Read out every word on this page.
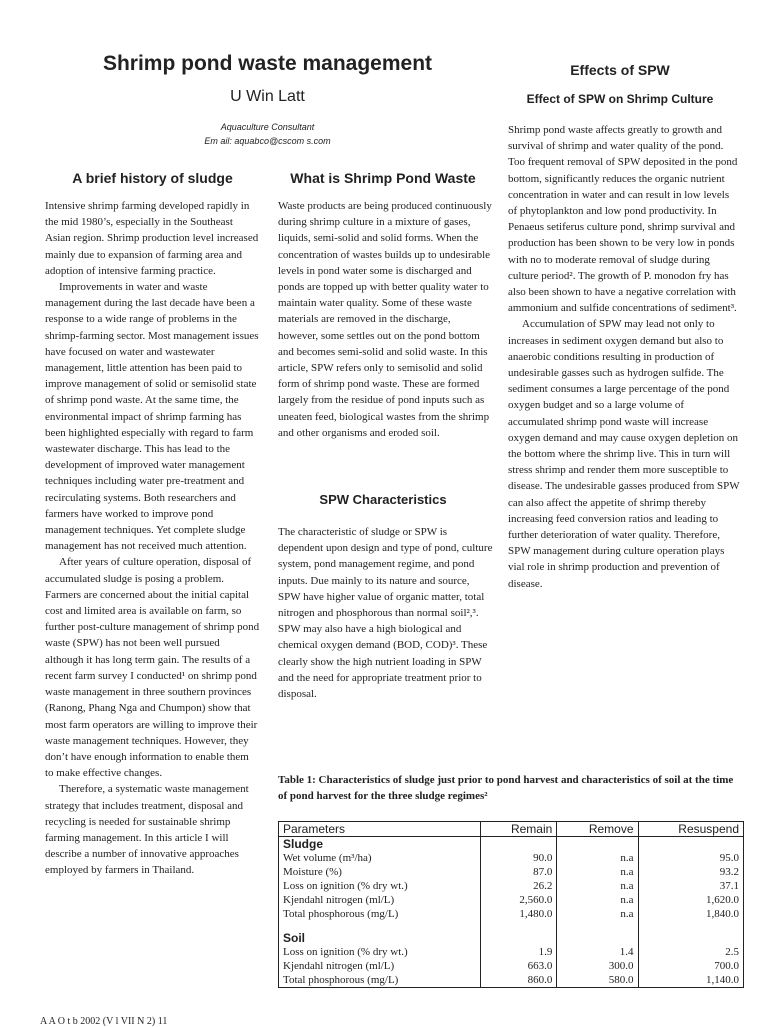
Shrimp pond waste management
U Win Latt
Aquaculture Consultant
Em ail: aquabco@cscom s.com
A brief history of sludge

Intensive shrimp farming developed rapidly in the mid 1980’s, especially in the Southeast Asian region. Shrimp production level increased mainly due to expansion of farming area and adoption of intensive farming practice.

Improvements in water and waste management during the last decade have been a response to a wide range of problems in the shrimp-farming sector. Most management issues have focused on water and wastewater management, little attention has been paid to improve management of solid or semisolid state of shrimp pond waste. At the same time, the environmental impact of shrimp farming has been highlighted especially with regard to farm wastewater discharge. This has lead to the development of improved water management techniques including water pre-treatment and recirculating systems. Both researchers and farmers have worked to improve pond management techniques. Yet complete sludge management has not received much attention.

After years of culture operation, disposal of accumulated sludge is posing a problem. Farmers are concerned about the initial capital cost and limited area is available on farm, so further post-culture management of shrimp pond waste (SPW) has not been well pursued although it has long term gain. The results of a recent farm survey I conducted¹ on shrimp pond waste management in three southern provinces (Ranong, Phang Nga and Chumpon) show that most farm operators are willing to improve their waste management techniques. However, they don’t have enough information to enable them to make effective changes.

Therefore, a systematic waste management strategy that includes treatment, disposal and recycling is needed for sustainable shrimp farming management. In this article I will describe a number of innovative approaches employed by farmers in Thailand.

What is Shrimp Pond Waste

Waste products are being produced continuously during shrimp culture in a mixture of gases, liquids, semi-solid and solid forms. When the concentration of wastes builds up to undesirable levels in pond water some is discharged and ponds are topped up with better quality water to maintain water quality. Some of these waste materials are removed in the discharge, however, some settles out on the pond bottom and becomes semi-solid and solid waste. In this article, SPW refers only to semisolid and solid form of shrimp pond waste. These are formed largely from the residue of pond inputs such as uneaten feed, biological wastes from the shrimp and other organisms and eroded soil.

SPW Characteristics

The characteristic of sludge or SPW is dependent upon design and type of pond, culture system, pond management regime, and pond inputs. Due mainly to its nature and source, SPW have higher value of organic matter, total nitrogen and phosphorous than normal soil²,³. SPW may also have a high biological and chemical oxygen demand (BOD, COD)³. These clearly show the high nutrient loading in SPW and the need for appropriate treatment prior to disposal.

Effects of SPW
Effect of SPW on Shrimp Culture

Shrimp pond waste affects greatly to growth and survival of shrimp and water quality of the pond. Too frequent removal of SPW deposited in the pond bottom, significantly reduces the organic nutrient concentration in water and can result in low levels of phytoplankton and low pond productivity. In Penaeus setiferus culture pond, shrimp survival and production has been shown to be very low in ponds with no to moderate removal of sludge during culture period². The growth of P. monodon fry has also been shown to have a negative correlation with ammonium and sulfide concentrations of sediment³.

Accumulation of SPW may lead not only to increases in sediment oxygen demand but also to anaerobic conditions resulting in production of undesirable gasses such as hydrogen sulfide. The sediment consumes a large percentage of the pond oxygen budget and so a large volume of accumulated shrimp pond waste will increase oxygen demand and may cause oxygen depletion on the bottom where the shrimp live. This in turn will stress shrimp and render them more susceptible to disease. The undesirable gasses produced from SPW can also affect the appetite of shrimp thereby increasing feed conversion ratios and leading to further deterioration of water quality. Therefore, SPW management during culture operation plays vial role in shrimp production and prevention of disease.

Table 1: Characteristics of sludge just prior to pond harvest and characteristics of soil at the time of pond harvest for the three sludge regimes²
Parameters	Remain	Remove	Resuspend
Sludge			
Wet volume (m³/ha)	90.0	n.a	95.0
Moisture (%)	87.0	n.a	93.2
Loss on ignition (% dry wt.)	26.2	n.a	37.1
Kjendahl nitrogen (ml/L)	2,560.0	n.a	1,620.0
Total phosphorous (mg/L)	1,480.0	n.a	1,840.0

Soil			
Loss on ignition (% dry wt.)	1.9	1.4	2.5
Kjendahl nitrogen (ml/L)	663.0	300.0	700.0
Total phosphorous (mg/L)	860.0	580.0	1,140.0
A A O t b 2002 (V l VII N 2) 11
